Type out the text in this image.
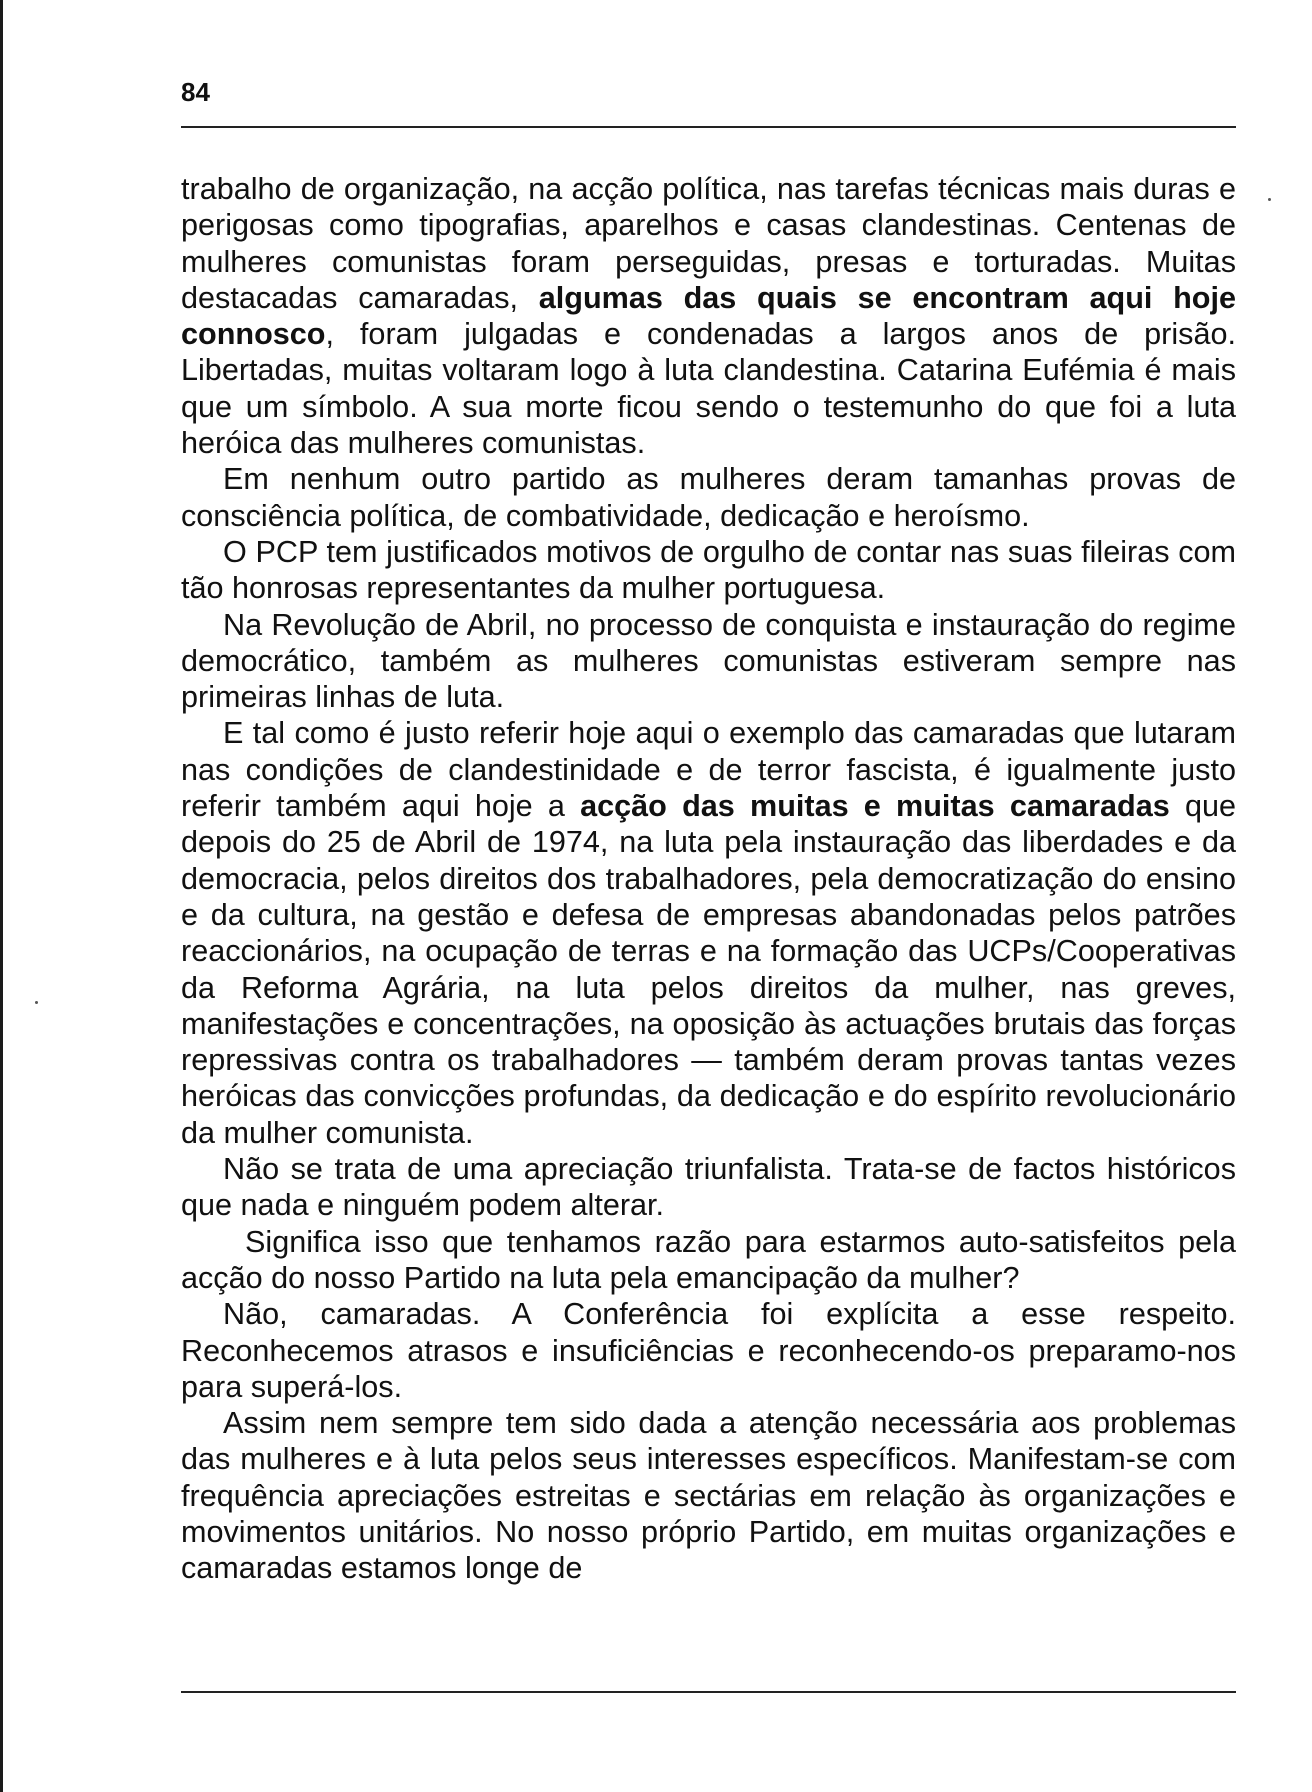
84

trabalho de organização, na acção política, nas tarefas técnicas mais duras e perigosas como tipografias, aparelhos e casas clandestinas. Centenas de mulheres comunistas foram perseguidas, presas e torturadas. Muitas destacadas camaradas, algumas das quais se encontram aqui hoje connosco, foram julgadas e condenadas a largos anos de prisão. Libertadas, muitas voltaram logo à luta clandestina. Catarina Eufémia é mais que um símbolo. A sua morte ficou sendo o testemunho do que foi a luta heróica das mulheres comunistas.

Em nenhum outro partido as mulheres deram tamanhas provas de consciência política, de combatividade, dedicação e heroísmo.

O PCP tem justificados motivos de orgulho de contar nas suas fileiras com tão honrosas representantes da mulher portuguesa.

Na Revolução de Abril, no processo de conquista e instauração do regime democrático, também as mulheres comunistas estiveram sempre nas primeiras linhas de luta.

E tal como é justo referir hoje aqui o exemplo das camaradas que lutaram nas condições de clandestinidade e de terror fascista, é igualmente justo referir também aqui hoje a acção das muitas e muitas camaradas que depois do 25 de Abril de 1974, na luta pela instauração das liberdades e da democracia, pelos direitos dos trabalhadores, pela democratização do ensino e da cultura, na gestão e defesa de empresas abandonadas pelos patrões reaccionários, na ocupação de terras e na formação das UCPs/Cooperativas da Reforma Agrária, na luta pelos direitos da mulher, nas greves, manifestações e concentrações, na oposição às actuações brutais das forças repressivas contra os trabalhadores — também deram provas tantas vezes heróicas das convicções profundas, da dedicação e do espírito revolucionário da mulher comunista.

Não se trata de uma apreciação triunfalista. Trata-se de factos históricos que nada e ninguém podem alterar.

Significa isso que tenhamos razão para estarmos auto-satisfeitos pela acção do nosso Partido na luta pela emancipação da mulher?

Não, camaradas. A Conferência foi explícita a esse respeito. Reconhecemos atrasos e insuficiências e reconhecendo-os preparamo-nos para superá-los.

Assim nem sempre tem sido dada a atenção necessária aos problemas das mulheres e à luta pelos seus interesses específicos. Manifestam-se com frequência apreciações estreitas e sectárias em relação às organizações e movimentos unitários. No nosso próprio Partido, em muitas organizações e camaradas estamos longe de
